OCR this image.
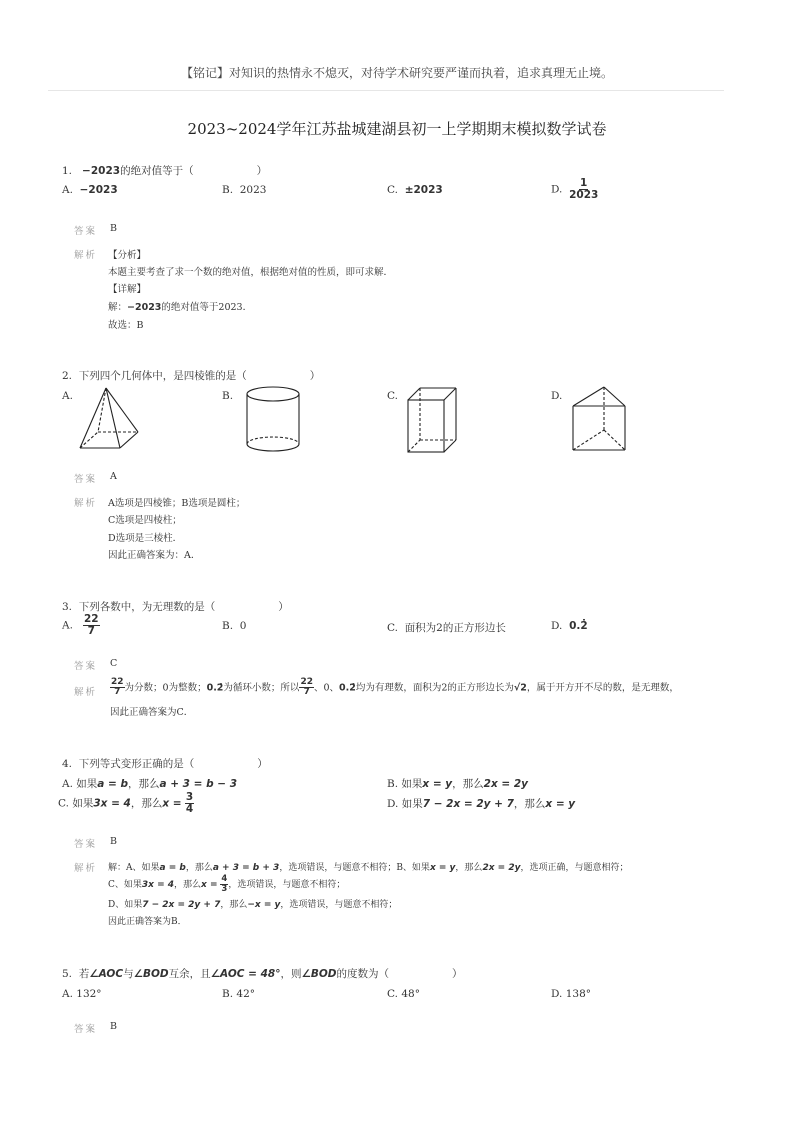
【铭记】对知识的热情永不熄灭，对待学术研究要严谨而执着，追求真理无止境。
2023~2024学年江苏盐城建湖县初一上学期期末模拟数学试卷
1. −2023的绝对值等于（　　　　　　）
A. −2023	B. 2023	C. ±2023	D. $\frac{1}{2023}$
答案 B
解析 【分析】
本题主要考查了求一个数的绝对值，根据绝对值的性质，即可求解．
【详解】
解：−2023的绝对值等于2023．
故选：B
2. 下列四个几何体中，是四棱锥的是（　　　　　　）
A.	B.	C.	D.
答案 A
解析 A选项是四棱锥；B选项是圆柱；
C选项是四棱柱；
D选项是三棱柱．
因此正确答案为：A．
3. 下列各数中，为无理数的是（　　　　　　）
A. $\frac{22}{7}$	B. 0	C. 面积为2的正方形边长	D. 0.2̇
答案 C
解析 $\frac{22}{7}$ 为分数；0为整数；0.2̇为循环小数；所以 $\frac{22}{7}$ 、0、0.2̇均为有理数，面积为2的正方形边长为√2，属于开方开不尽的数，是无理数，
因此正确答案为C．
4. 下列等式变形正确的是（　　　　　　）
A. 如果a = b，那么a + 3 = b − 3	B. 如果x = y，那么2x = 2y
C. 如果3x = 4，那么$x = \frac{3}{4}$	D. 如果7 − 2x = 2y + 7，那么x = y
答案 B
解析 解：A、如果a = b，那么a + 3 = b + 3，选项错误，与题意不相符；B、如果x = y，那么2x = 2y，选项正确，与题意相符；
C、如果3x = 4，那么$x = \frac{4}{3}$ ，选项错误，与题意不相符；
D、如果7 − 2x = 2y + 7，那么−x = y，选项错误，与题意不相符；
因此正确答案为B．
5. 若∠AOC与∠BOD互余，且∠AOC = 48°，则∠BOD的度数为（　　　　　　）
A. 132°	B. 42°	C. 48°	D. 138°
答案 B
